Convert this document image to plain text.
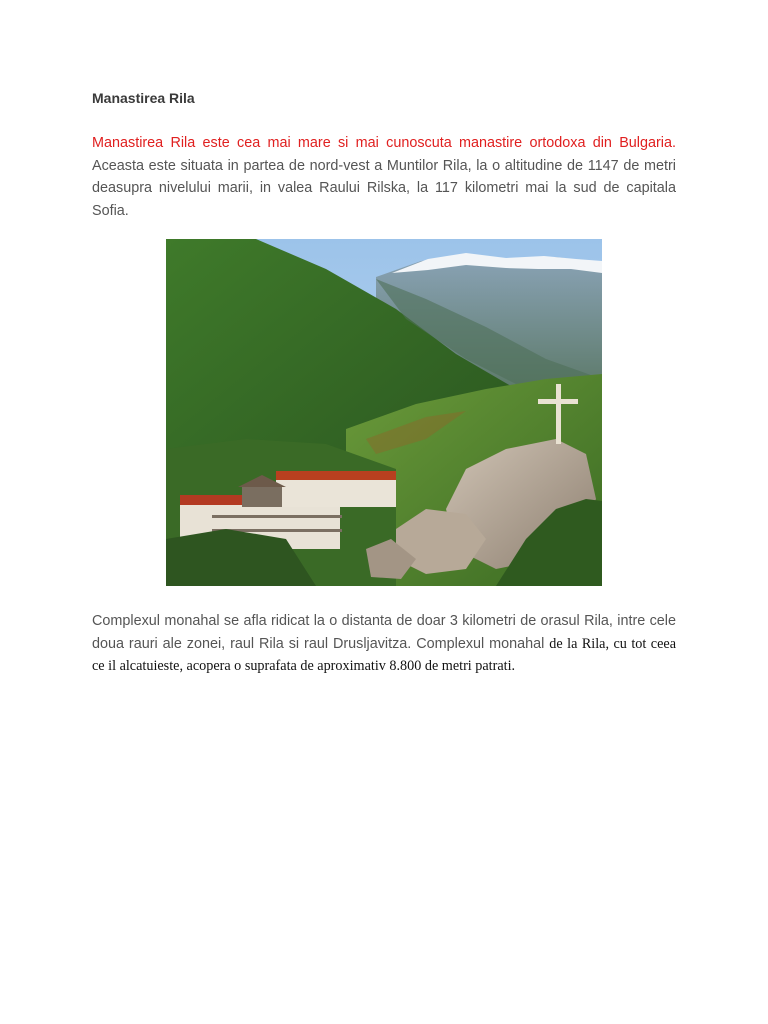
Manastirea Rila

Manastirea Rila este cea mai mare si mai cunoscuta manastire ortodoxa din Bulgaria. Aceasta este situata in partea de nord-vest a Muntilor Rila, la o altitudine de 1147 de metri deasupra nivelului marii, in valea Raului Rilska, la 117 kilometri mai la sud de capitala Sofia.

Complexul monahal se afla ridicat la o distanta de doar 3 kilometri de orasul Rila, intre cele doua rauri ale zonei, raul Rila si raul Drusljavitza. Complexul monahal de la Rila, cu tot ceea ce il alcatuieste, acopera o suprafata de aproximativ 8.800 de metri patrati.
